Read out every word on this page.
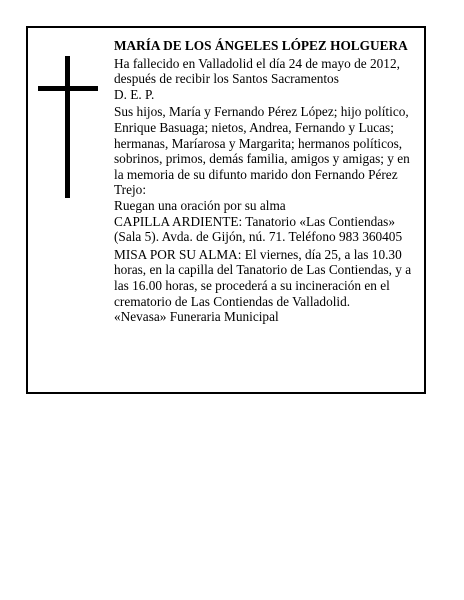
MARÍA DE LOS ÁNGELES LÓPEZ HOLGUERA

Ha fallecido en Valladolid el día 24 de mayo de 2012, después de recibir los Santos Sacramentos

D. E. P.

Sus hijos, María y Fernando Pérez López; hijo político, Enrique Basuaga; nietos, Andrea, Fernando y Lucas; hermanas, Maríarosa y Margarita; hermanos políticos, sobrinos, primos, demás familia, amigos y amigas; y en la memoria de su difunto marido don Fernando Pérez Trejo:

Ruegan una oración por su alma

CAPILLA ARDIENTE: Tanatorio «Las Contiendas» (Sala 5). Avda. de Gijón, nú. 71. Teléfono 983 360405

MISA POR SU ALMA: El viernes, día 25, a las 10.30 horas, en la capilla del Tanatorio de Las Contiendas, y a las 16.00 horas, se procederá a su incineración en el crematorio de Las Contiendas de Valladolid.

«Nevasa» Funeraria Municipal
